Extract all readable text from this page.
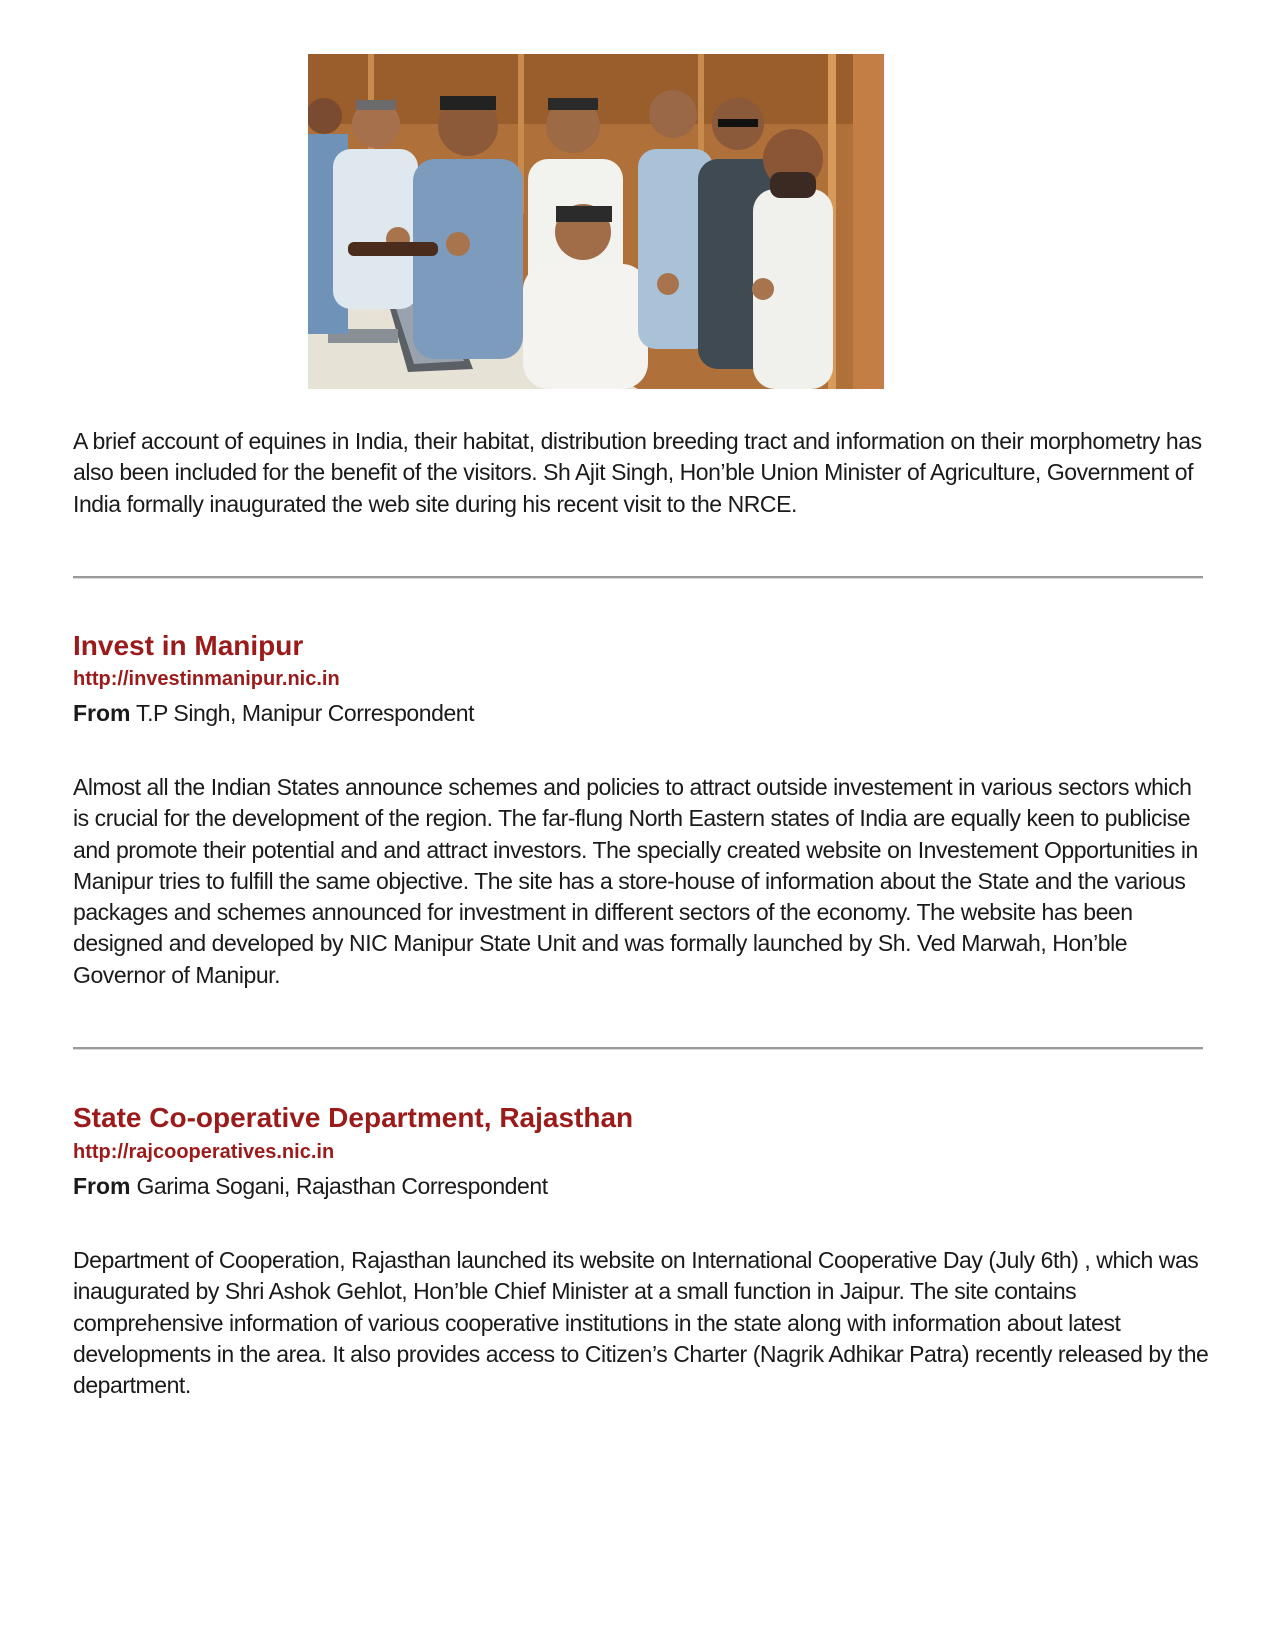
A brief account of equines in India, their habitat, distribution breeding tract and information on their morphometry has also been included for the benefit of the visitors. Sh Ajit Singh, Hon’ble Union Minister of Agriculture, Government of India formally inaugurated the web site during his recent visit to the NRCE.

Invest in Manipur
http://investinmanipur.nic.in
From T.P Singh, Manipur Correspondent

Almost all the Indian States announce schemes and policies to attract outside investement in various sectors which is crucial for the development of the region. The far-flung North Eastern states of India are equally keen to publicise and promote their potential and and attract investors. The specially created website on Investement Opportunities in Manipur tries to fulfill the same objective. The site has a store-house of information about the State and the various packages and schemes announced for investment in different sectors of the economy. The website has been designed and developed by NIC Manipur State Unit and was formally launched by Sh. Ved Marwah, Hon’ble Governor of Manipur.

State Co-operative Department, Rajasthan
http://rajcooperatives.nic.in
From Garima Sogani, Rajasthan Correspondent

Department of Cooperation, Rajasthan launched its website on International Cooperative Day (July 6th) , which was inaugurated by Shri Ashok Gehlot, Hon’ble Chief Minister at a small function in Jaipur. The site contains comprehensive information of various cooperative institutions in the state along with information about latest developments in the area. It also provides access to Citizen’s Charter (Nagrik Adhikar Patra) recently released by the department.
